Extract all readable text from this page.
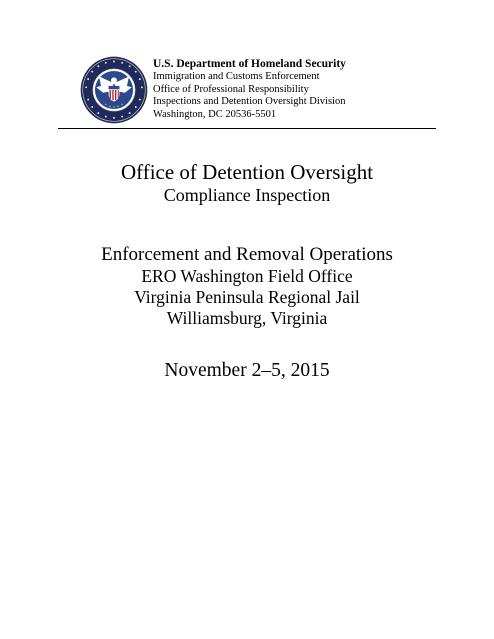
U.S. Department of Homeland Security
Immigration and Customs Enforcement
Office of Professional Responsibility
Inspections and Detention Oversight Division
Washington, DC 20536-5501
Office of Detention Oversight
Compliance Inspection
Enforcement and Removal Operations
ERO Washington Field Office
Virginia Peninsula Regional Jail
Williamsburg, Virginia
November 2–5, 2015
